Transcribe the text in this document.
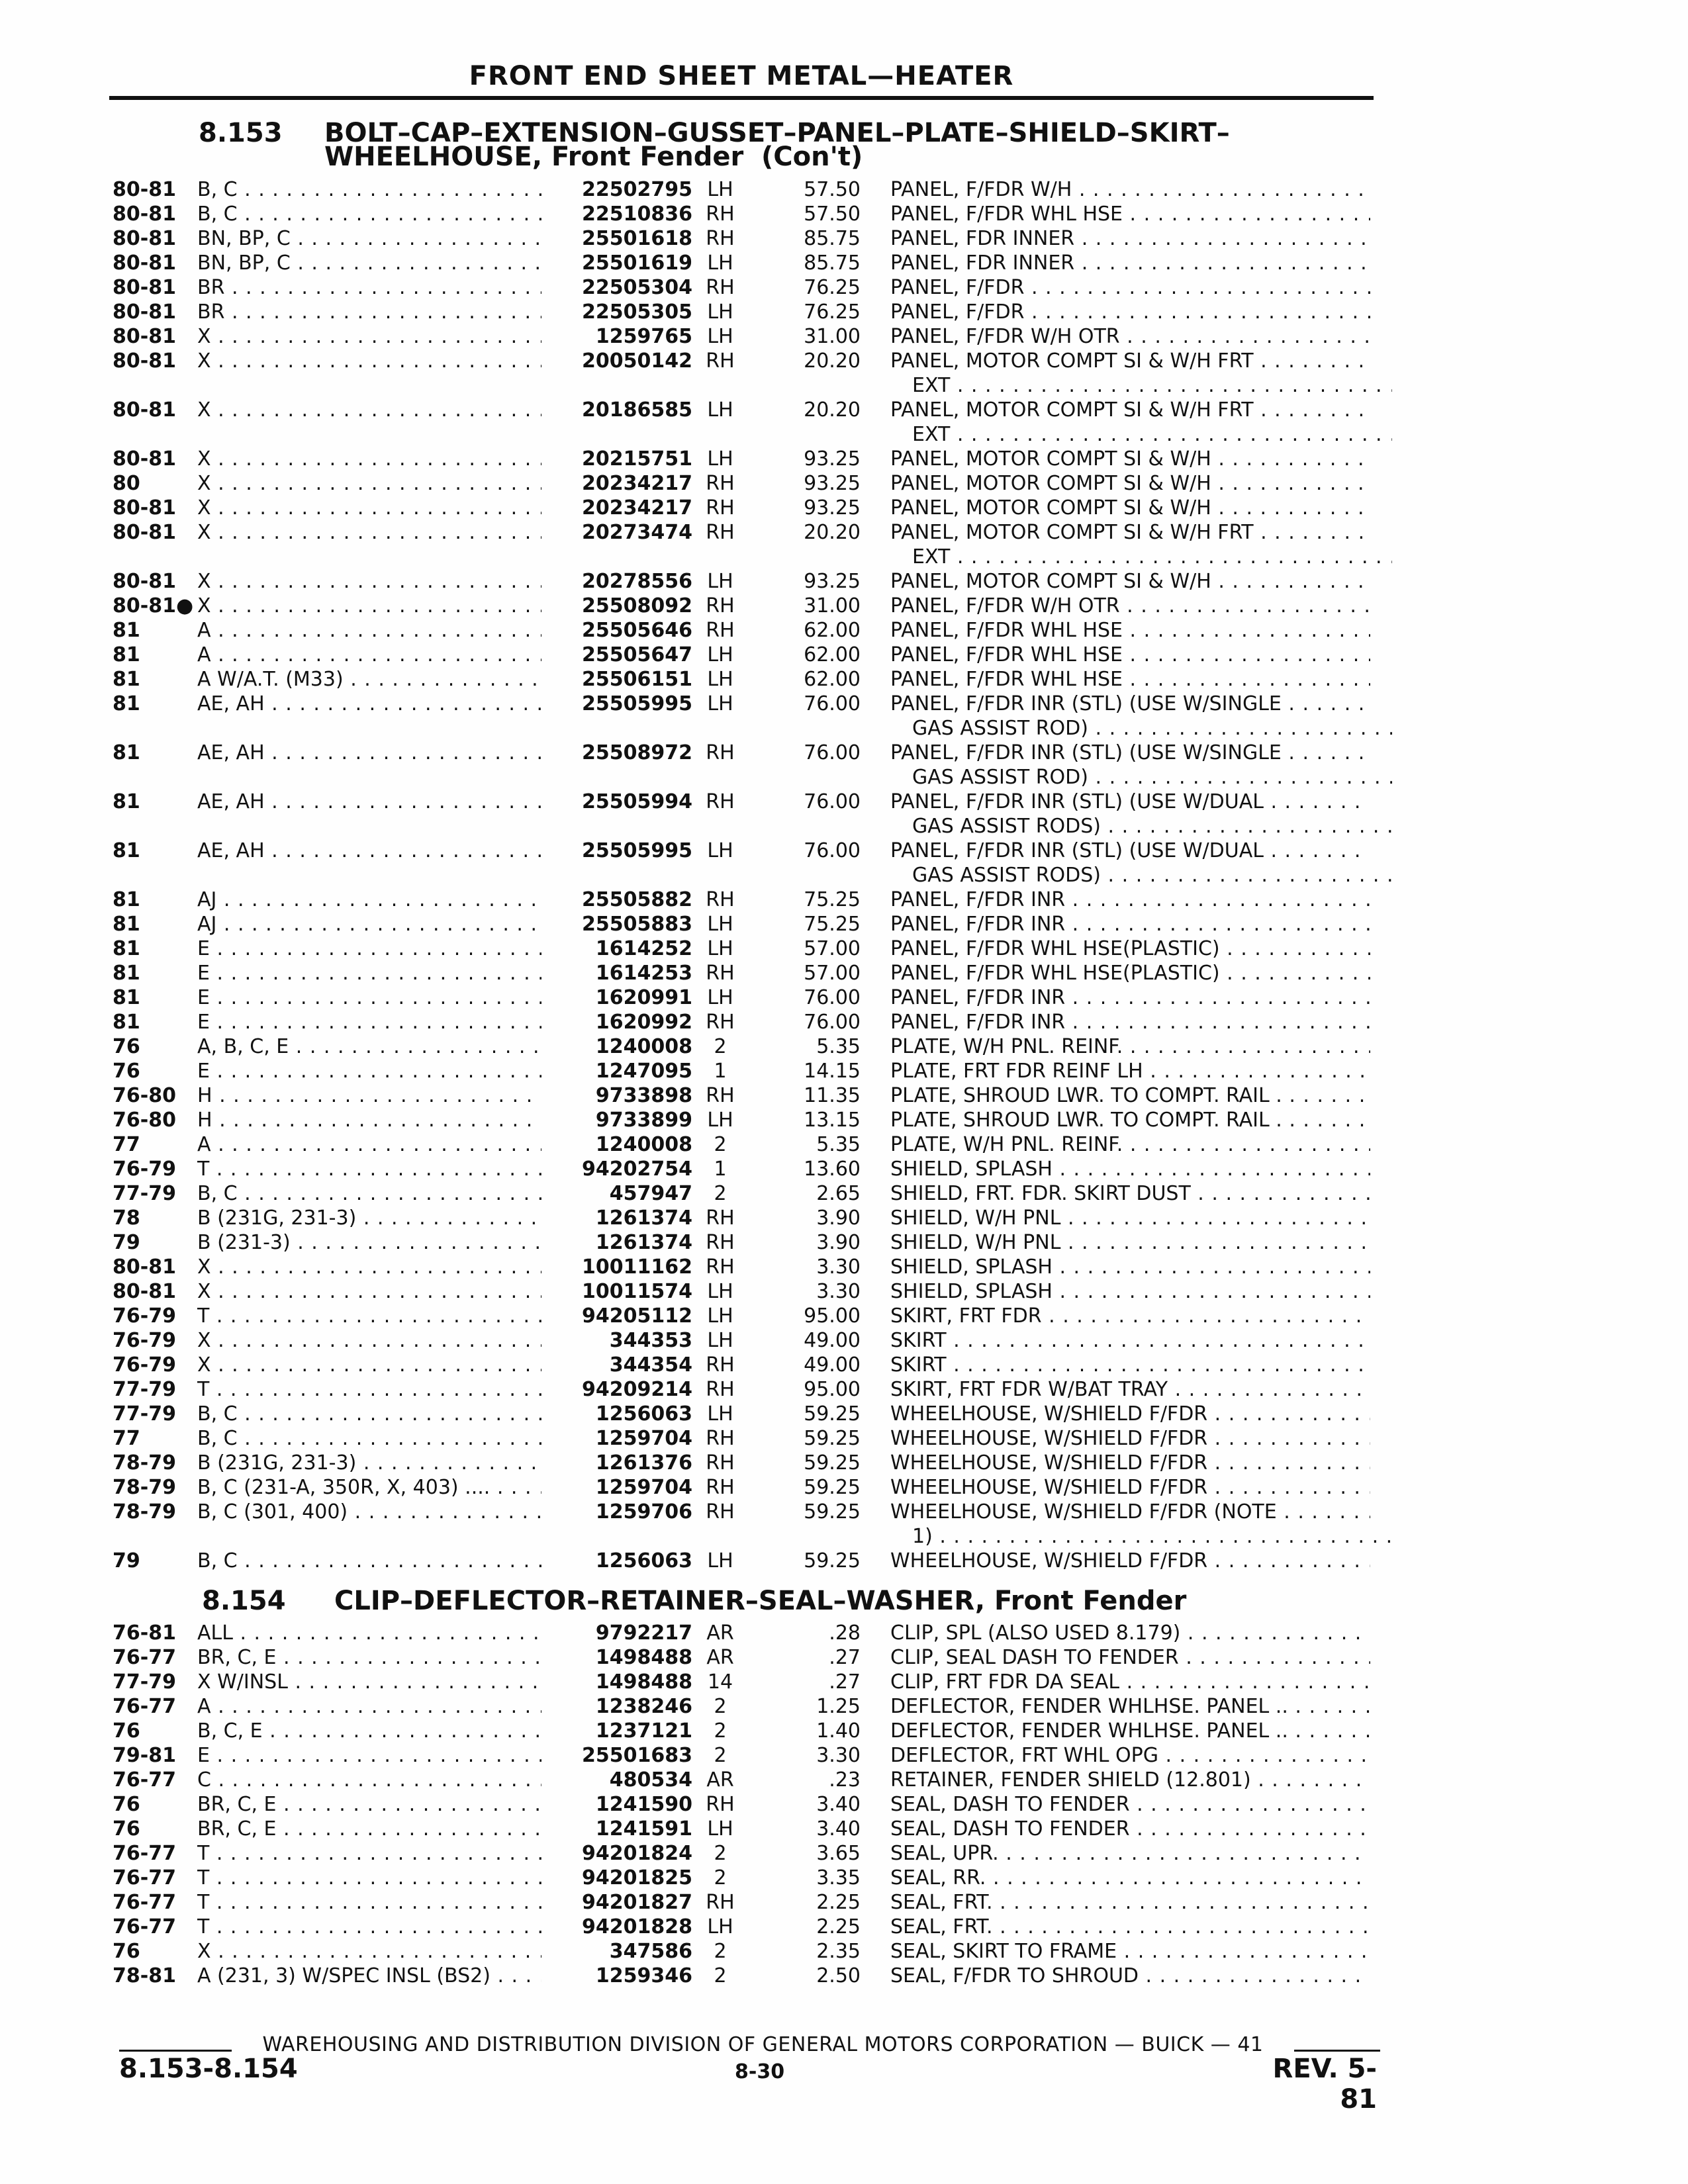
FRONT END SHEET METAL—HEATER
8.153 BOLT–CAP–EXTENSION–GUSSET–PANEL–PLATE–SHIELD–SKIRT–
WHEELHOUSE, Front Fender (Con't)
8.154 CLIP–DEFLECTOR–RETAINER–SEAL–WASHER, Front Fender
80-81 B, C . . .	22502795 LH	57.50 PANEL, F/FDR W/H . . .
80-81 B, C . . .	22510836 RH	57.50 PANEL, F/FDR WHL HSE . . .
80-81 BN, BP, C . . .	25501618 RH	85.75 PANEL, FDR INNER . . .
80-81 BN, BP, C . . .	25501619 LH	85.75 PANEL, FDR INNER . . .
80-81 BR . . .	22505304 RH	76.25 PANEL, F/FDR . . .
80-81 BR . . .	22505305 LH	76.25 PANEL, F/FDR . . .
80-81 X . . .	1259765 LH	31.00 PANEL, F/FDR W/H OTR . . .
80-81 X . . .	20050142 RH	20.20 PANEL, MOTOR COMPT SI & W/H FRT . . .
EXT . . .
80-81 X . . .	20186585 LH	20.20 PANEL, MOTOR COMPT SI & W/H FRT . . .
EXT . . .
80-81 X . . .	20215751 LH	93.25 PANEL, MOTOR COMPT SI & W/H . . .
80	X . . .	20234217 RH	93.25 PANEL, MOTOR COMPT SI & W/H . . .
80-81 X . . .	20234217 RH	93.25 PANEL, MOTOR COMPT SI & W/H . . .
80-81 X . . .	20273474 RH	20.20 PANEL, MOTOR COMPT SI & W/H FRT . . .
EXT . . .
80-81 X . . .	20278556 LH	93.25 PANEL, MOTOR COMPT SI & W/H . . .
80-81● X . . .	25508092 RH	31.00 PANEL, F/FDR W/H OTR . . .
81	A . . .	25505646 RH	62.00 PANEL, F/FDR WHL HSE . . .
81	A . . .	25505647 LH	62.00 PANEL, F/FDR WHL HSE . . .
81	A W/A.T. (M33) . . .	25506151 LH	62.00 PANEL, F/FDR WHL HSE . . .
81	AE, AH . . .	25505995 LH	76.00 PANEL, F/FDR INR (STL) (USE W/SINGLE . . .
GAS ASSIST ROD) . . .
81	AE, AH . . .	25508972 RH	76.00 PANEL, F/FDR INR (STL) (USE W/SINGLE . . .
GAS ASSIST ROD) . . .
81	AE, AH . . .	25505994 RH	76.00 PANEL, F/FDR INR (STL) (USE W/DUAL . . .
GAS ASSIST RODS) . . .
81	AE, AH . . .	25505995 LH	76.00 PANEL, F/FDR INR (STL) (USE W/DUAL . . .
GAS ASSIST RODS) . . .
81	AJ . . .	25505882 RH	75.25 PANEL, F/FDR INR . . .
81	AJ . . .	25505883 LH	75.25 PANEL, F/FDR INR . . .
81	E . . .	1614252 LH	57.00 PANEL, F/FDR WHL HSE(PLASTIC) . . .
81	E . . .	1614253 RH	57.00 PANEL, F/FDR WHL HSE(PLASTIC) . . .
81	E . . .	1620991 LH	76.00 PANEL, F/FDR INR . . .
81	E . . .	1620992 RH	76.00 PANEL, F/FDR INR . . .
76	A, B, C, E . . .	1240008	2	5.35 PLATE, W/H PNL. REINF. . . .
76	E . . .	1247095	1	14.15 PLATE, FRT FDR REINF LH . . .
76-80 H . . .	9733898 RH	11.35 PLATE, SHROUD LWR. TO COMPT. RAIL . . . .
76-80 H . . .	9733899 LH	13.15 PLATE, SHROUD LWR. TO COMPT. RAIL . . . .
77	A . . .	1240008	2	5.35 PLATE, W/H PNL. REINF. . . .
76-79 T . . .	94202754	1	13.60 SHIELD, SPLASH . . .
77-79 B, C . . .	457947	2	2.65 SHIELD, FRT. FDR. SKIRT DUST . . .
78	B (231G, 231-3) . . .	1261374 RH	3.90 SHIELD, W/H PNL . . .
79	B (231-3) . . .	1261374 RH	3.90 SHIELD, W/H PNL . . .
80-81 X . . .	10011162 RH	3.30 SHIELD, SPLASH . . .
80-81 X . . .	10011574 LH	3.30 SHIELD, SPLASH . . .
76-79 T . . .	94205112 LH	95.00 SKIRT, FRT FDR . . .
76-79 X . . .	344353 LH	49.00 SKIRT . . .
76-79 X . . .	344354 RH	49.00 SKIRT . . .
77-79 T . . .	94209214 RH	95.00 SKIRT, FRT FDR W/BAT TRAY . . .
77-79 B, C . . .	1256063 LH	59.25 WHEELHOUSE, W/SHIELD F/FDR . . .
77	B, C . . .	1259704 RH	59.25 WHEELHOUSE, W/SHIELD F/FDR . . .
78-79 B (231G, 231-3) . . .	1261376 RH	59.25 WHEELHOUSE, W/SHIELD F/FDR . . .
78-79 B, C (231-A, 350R, X, 403) .... . . .	1259704 RH	59.25 WHEELHOUSE, W/SHIELD F/FDR . . .
78-79 B, C (301, 400) . . .	1259706 RH	59.25 WHEELHOUSE, W/SHIELD F/FDR (NOTE . . .
1) . . .
79	B, C . . .	1256063 LH	59.25 WHEELHOUSE, W/SHIELD F/FDR . . .
76-81 ALL . . .	9792217 AR	.28 CLIP, SPL (ALSO USED 8.179) . . .
76-77 BR, C, E . . .	1498488 AR	.27 CLIP, SEAL DASH TO FENDER . . .
77-79 X W/INSL . . .	1498488 14	.27 CLIP, FRT FDR DA SEAL . . .
76-77 A . . .	1238246	2	1.25 DEFLECTOR, FENDER WHLHSE. PANEL .. . . .
76	B, C, E . . .	1237121	2	1.40 DEFLECTOR, FENDER WHLHSE. PANEL .. . . .
79-81 E . . .	25501683	2	3.30 DEFLECTOR, FRT WHL OPG . . .
76-77 C . . .	480534 AR	.23 RETAINER, FENDER SHIELD (12.801) . . .
76	BR, C, E . . .	1241590 RH	3.40 SEAL, DASH TO FENDER . . .
76	BR, C, E . . .	1241591 LH	3.40 SEAL, DASH TO FENDER . . .
76-77 T . . .	94201824	2	3.65 SEAL, UPR. . . .
76-77 T . . .	94201825	2	3.35 SEAL, RR. . . .
76-77 T . . .	94201827 RH	2.25 SEAL, FRT. . . .
76-77 T . . .	94201828 LH	2.25 SEAL, FRT. . . .
76	X . . .	347586	2	2.35 SEAL, SKIRT TO FRAME . . .
78-81 A (231, 3) W/SPEC INSL (BS2) . . .	1259346	2	2.50 SEAL, F/FDR TO SHROUD . . .
WAREHOUSING AND DISTRIBUTION DIVISION OF GENERAL MOTORS CORPORATION — BUICK — 41
8.153-8.154	8-30	REV. 5-81
